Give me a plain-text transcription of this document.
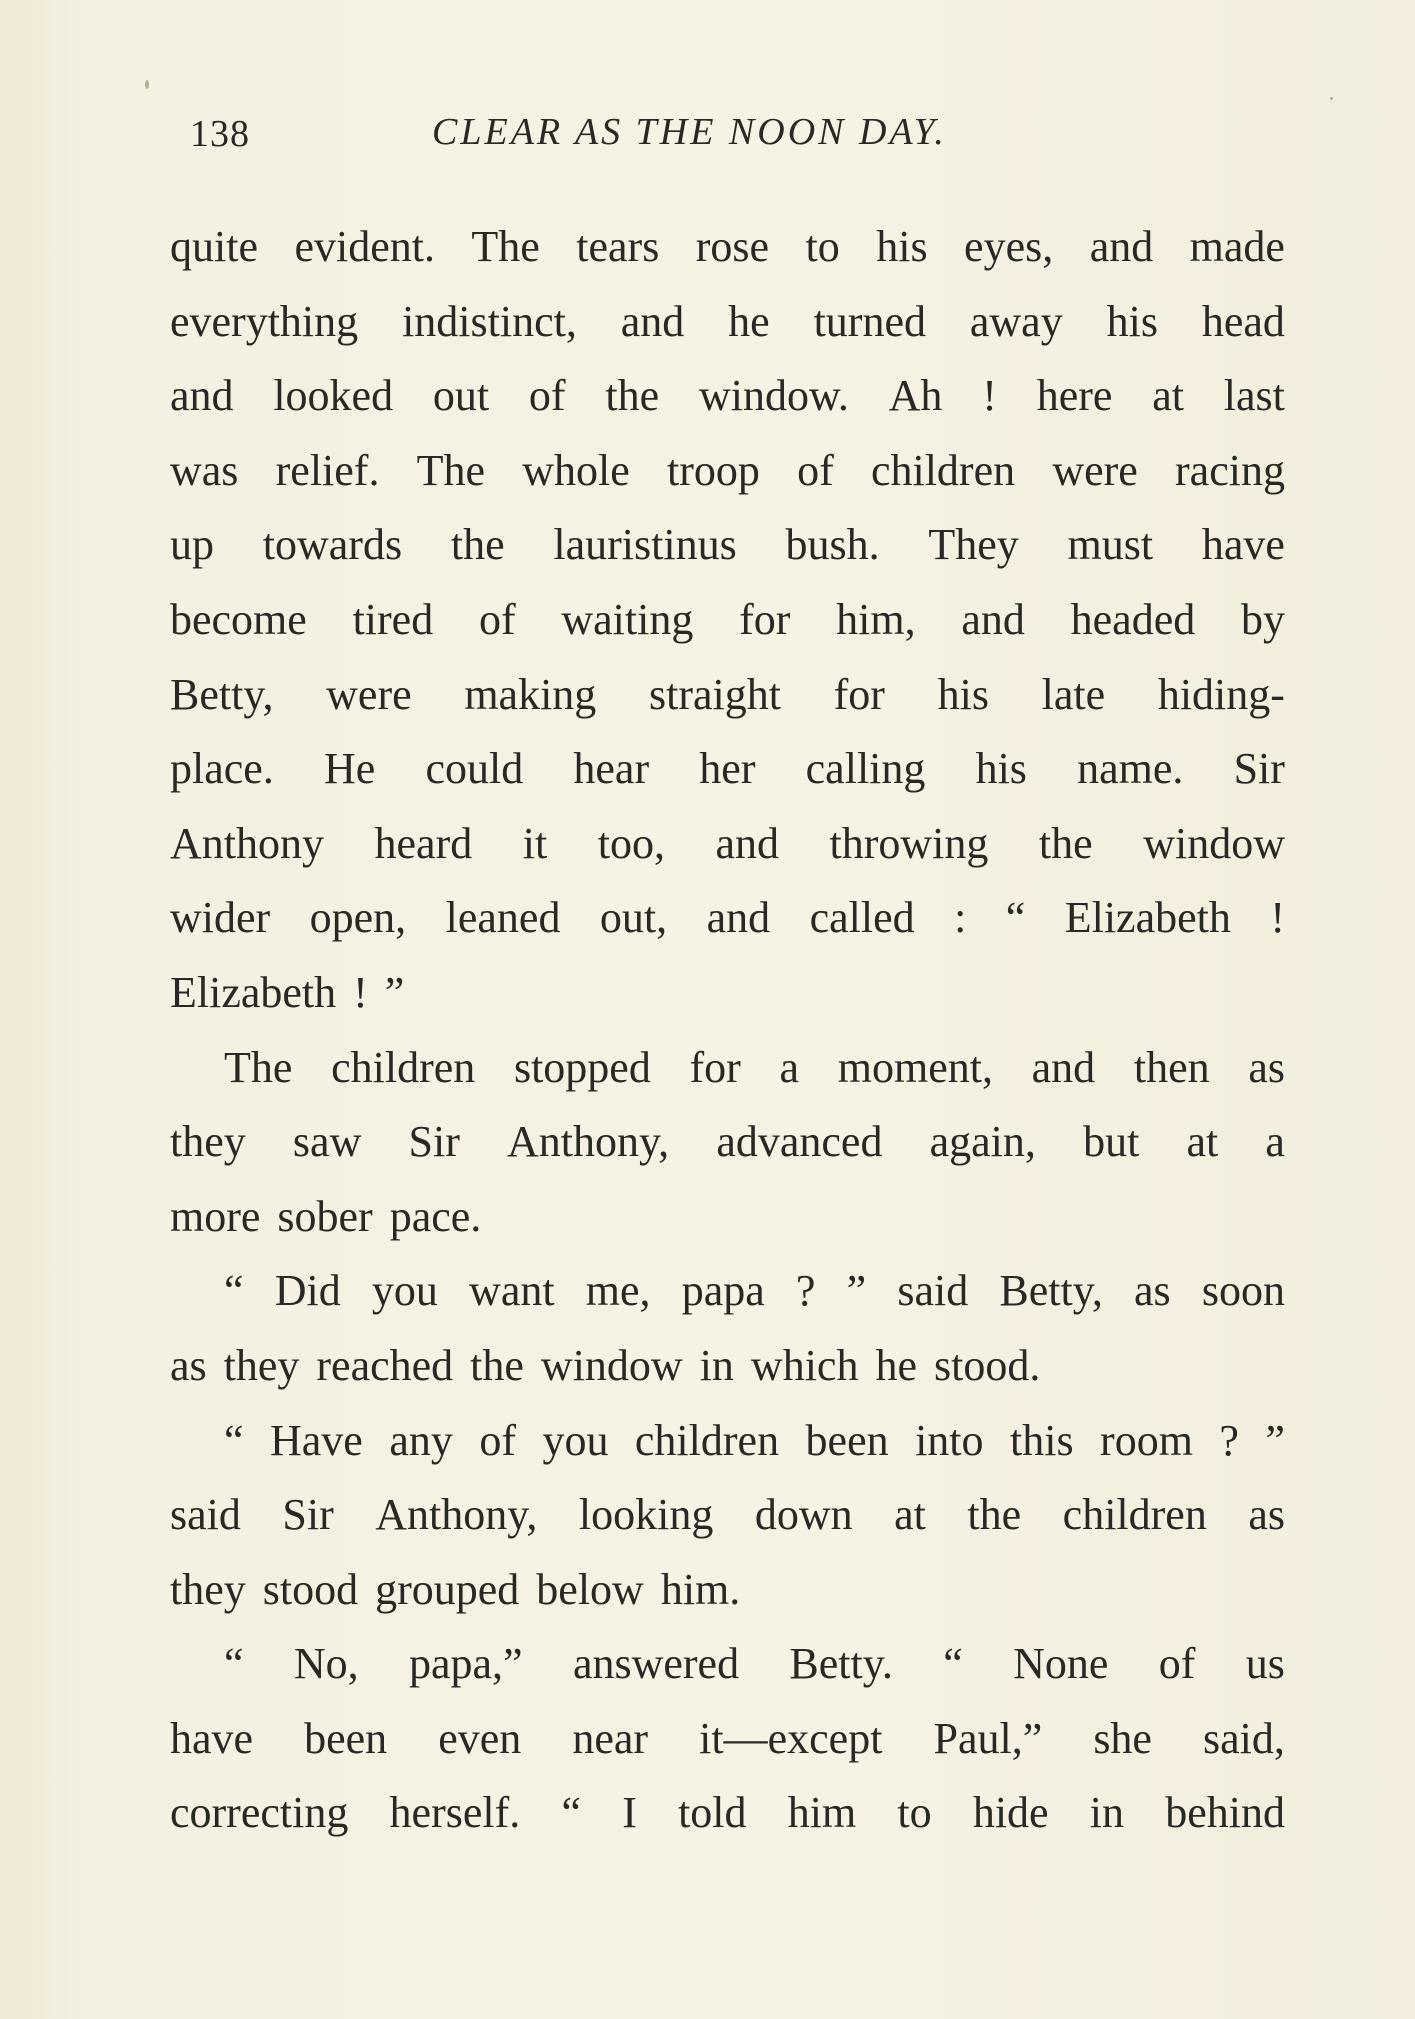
138	CLEAR AS THE NOON DAY.
quite evident. The tears rose to his eyes, and made
everything indistinct, and he turned away his head
and looked out of the window. Ah ! here at last
was relief. The whole troop of children were racing
up towards the lauristinus bush. They must have
become tired of waiting for him, and headed by
Betty, were making straight for his late hiding-
place. He could hear her calling his name. Sir
Anthony heard it too, and throwing the window
wider open, leaned out, and called : “ Elizabeth !
Elizabeth ! ”
The children stopped for a moment, and then as
they saw Sir Anthony, advanced again, but at a
more sober pace.
“ Did you want me, papa ? ” said Betty, as soon
as they reached the window in which he stood.
“ Have any of you children been into this room ? ”
said Sir Anthony, looking down at the children as
they stood grouped below him.
“ No, papa,” answered Betty. “ None of us
have been even near it—except Paul,” she said,
correcting herself. “ I told him to hide in behind
